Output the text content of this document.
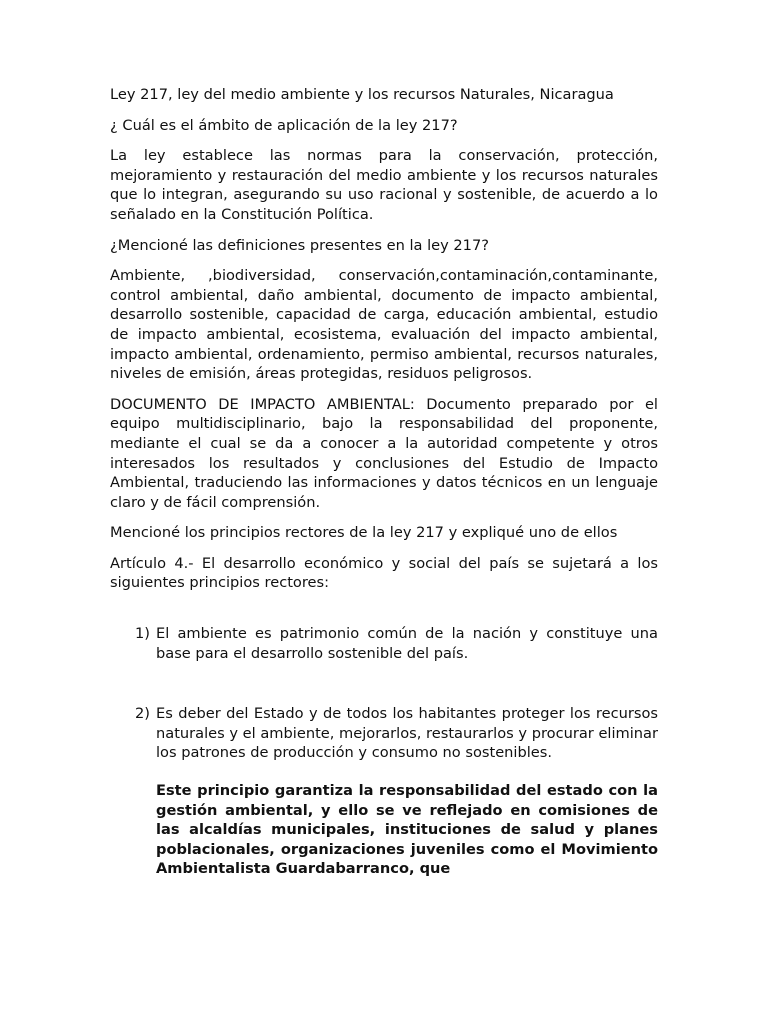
Ley 217, ley del medio ambiente y los recursos Naturales, Nicaragua

¿ Cuál es el ámbito de aplicación de la ley 217?

La ley establece las normas para la conservación, protección, mejoramiento y restauración del medio ambiente y los recursos naturales que lo integran, asegurando su uso racional y sostenible, de acuerdo a lo señalado en la Constitución Política.

¿Mencioné las definiciones presentes en la ley 217?

Ambiente, ,biodiversidad, conservación,contaminación,contaminante, control ambiental, daño ambiental, documento de impacto ambiental, desarrollo sostenible, capacidad de carga, educación ambiental, estudio de impacto ambiental, ecosistema, evaluación del impacto ambiental, impacto ambiental, ordenamiento, permiso ambiental, recursos naturales, niveles de emisión, áreas protegidas, residuos peligrosos.

DOCUMENTO DE IMPACTO AMBIENTAL: Documento preparado por el equipo multidisciplinario, bajo la responsabilidad del proponente, mediante el cual se da a conocer a la autoridad competente y otros interesados los resultados y conclusiones del Estudio de Impacto Ambiental, traduciendo las informaciones y datos técnicos en un lenguaje claro y de fácil comprensión.

Mencioné los principios rectores de la ley 217 y expliqué uno de ellos

Artículo 4.- El desarrollo económico y social del país se sujetará a los siguientes principios rectores:

1) El ambiente es patrimonio común de la nación y constituye una base para el desarrollo sostenible del país.
2) Es deber del Estado y de todos los habitantes proteger los recursos naturales y el ambiente, mejorarlos, restaurarlos y procurar eliminar los patrones de producción y consumo no sostenibles.

Este principio garantiza la responsabilidad del estado con la gestión ambiental, y ello se ve reflejado en comisiones de las alcaldías municipales, instituciones de salud y planes poblacionales, organizaciones juveniles como el Movimiento Ambientalista Guardabarranco, que
